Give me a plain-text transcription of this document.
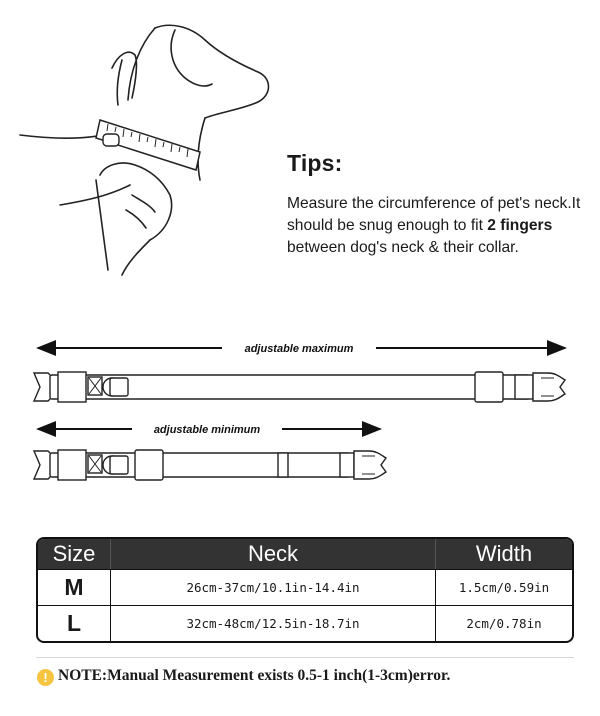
Tips:
Measure the circumference of pet's neck.It should be snug enough to fit 2 fingers between dog's neck & their collar.
adjustable maximum
adjustable minimum
Size	Neck	Width
M	26cm-37cm/10.1in-14.4in	1.5cm/0.59in
L	32cm-48cm/12.5in-18.7in	2cm/0.78in
! NOTE:Manual Measurement exists 0.5-1 inch(1-3cm)error.
